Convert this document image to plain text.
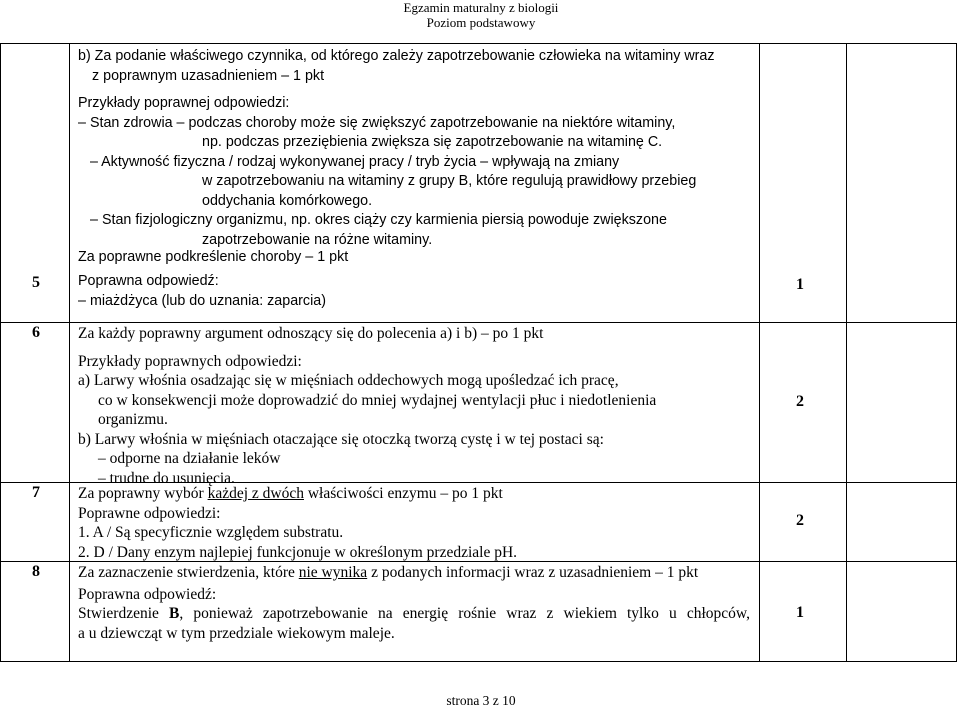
Egzamin maturalny z biologii
Poziom podstawowy
5	1
b) Za podanie właściwego czynnika, od którego zależy zapotrzebowanie człowieka na witaminy wraz
z poprawnym uzasadnieniem – 1 pkt
Przykłady poprawnej odpowiedzi:
– Stan zdrowia – podczas choroby może się zwiększyć zapotrzebowanie na niektóre witaminy,
np. podczas przeziębienia zwiększa się zapotrzebowanie na witaminę C.
– Aktywność fizyczna / rodzaj wykonywanej pracy / tryb życia – wpływają na zmiany
w zapotrzebowaniu na witaminy z grupy B, które regulują prawidłowy przebieg
oddychania komórkowego.
– Stan fizjologiczny organizmu, np. okres ciąży czy karmienia piersią powoduje zwiększone
zapotrzebowanie na różne witaminy.
Za poprawne podkreślenie choroby – 1 pkt
Poprawna odpowiedź:
– miażdżyca (lub do uznania: zaparcia)
6
2
Za każdy poprawny argument odnoszący się do polecenia a) i b) – po 1 pkt
Przykłady poprawnych odpowiedzi:
a) Larwy włośnia osadzając się w mięśniach oddechowych mogą upośledzać ich pracę,
co w konsekwencji może doprowadzić do mniej wydajnej wentylacji płuc i niedotlenienia
organizmu.
b) Larwy włośnia w mięśniach otaczające się otoczką tworzą cystę i w tej postaci są:
– odporne na działanie leków
– trudne do usunięcia.
7
2
Za poprawny wybór każdej z dwóch właściwości enzymu – po 1 pkt
Poprawne odpowiedzi:
1. A / Są specyficznie względem substratu.
2. D / Dany enzym najlepiej funkcjonuje w określonym przedziale pH.
8
1
Za zaznaczenie stwierdzenia, które nie wynika z podanych informacji wraz z uzasadnieniem – 1 pkt
Poprawna odpowiedź:
Stwierdzenie B, ponieważ zapotrzebowanie na energię rośnie wraz z wiekiem tylko u chłopców,
a u dziewcząt w tym przedziale wiekowym maleje.
strona 3 z 10
